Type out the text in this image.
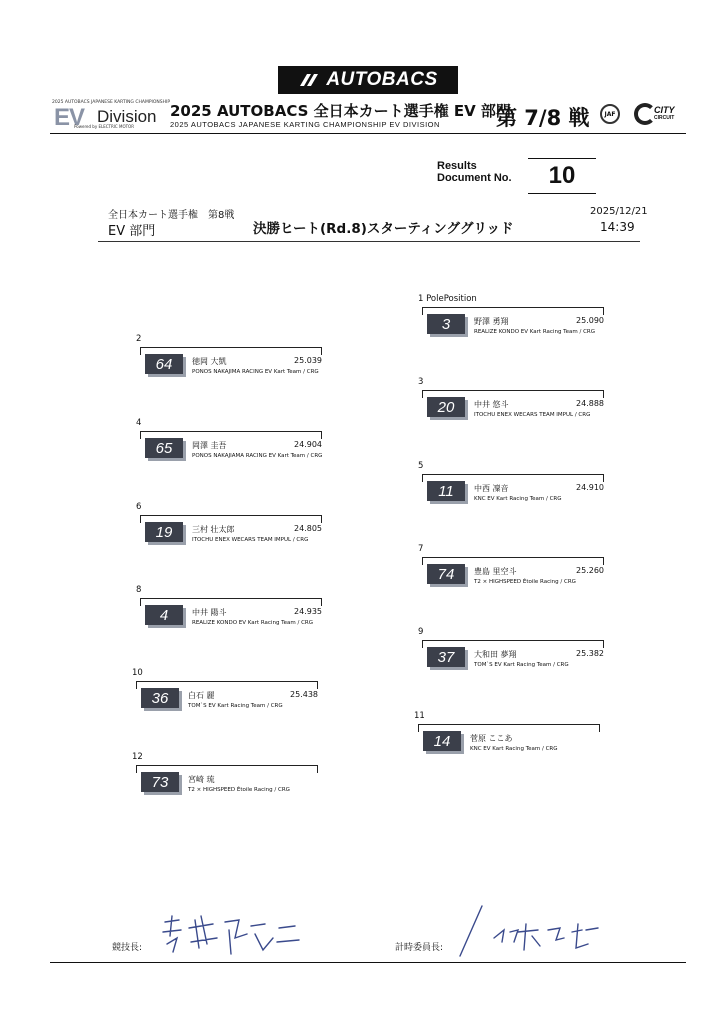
AUTOBACS
2025 AUTOBACS JAPANESE KARTING CHAMPIONSHIP
EV Division
Powered by ELECTRIC MOTOR
2025 AUTOBACS 全日本カート選手権 EV 部門
2025 AUTOBACS JAPANESE KARTING CHAMPIONSHIP EV DIVISION	第 7/8 戦	JAF	CITY
CIRCUIT
Results
Document No.	10
全日本カート選手権　第8戦
EV 部門	決勝ヒート(Rd.8)スターティンググリッド
2025/12/21
14:39
1 PolePosition
3	野澤 勇翔	25.090
REALIZE KONDO EV Kart Racing Team / CRG
2
64	徳岡 大凱	25.039
PONOS NAKAJIMA RACING EV Kart Team / CRG
3
20	中井 悠斗	24.888
ITOCHU ENEX WECARS TEAM IMPUL / CRG
4
65	岡澤 圭吾	24.904
PONOS NAKAJIAMA RACING EV Kart Team / CRG
5
11	中西 凜音	24.910
KNC EV Kart Racing Team / CRG
6
19	三村 壮太郎	24.805
ITOCHU ENEX WECARS TEAM IMPUL / CRG
7
74	豊島 里空斗	25.260
T2 × HIGHSPEED Étoile Racing / CRG
8
4	中井 陽斗	24.935
REALIZE KONDO EV Kart Racing Team / CRG
9
37	大和田 夢翔	25.382
TOM`S EV Kart Racing Team / CRG
10
36	白石 麗	25.438
TOM`S EV Kart Racing Team / CRG
11
14	菅原 ここあ
KNC EV Kart Racing Team / CRG
12
73	宮崎 琉
T2 × HIGHSPEED Étoile Racing / CRG
競技長:	計時委員長:
